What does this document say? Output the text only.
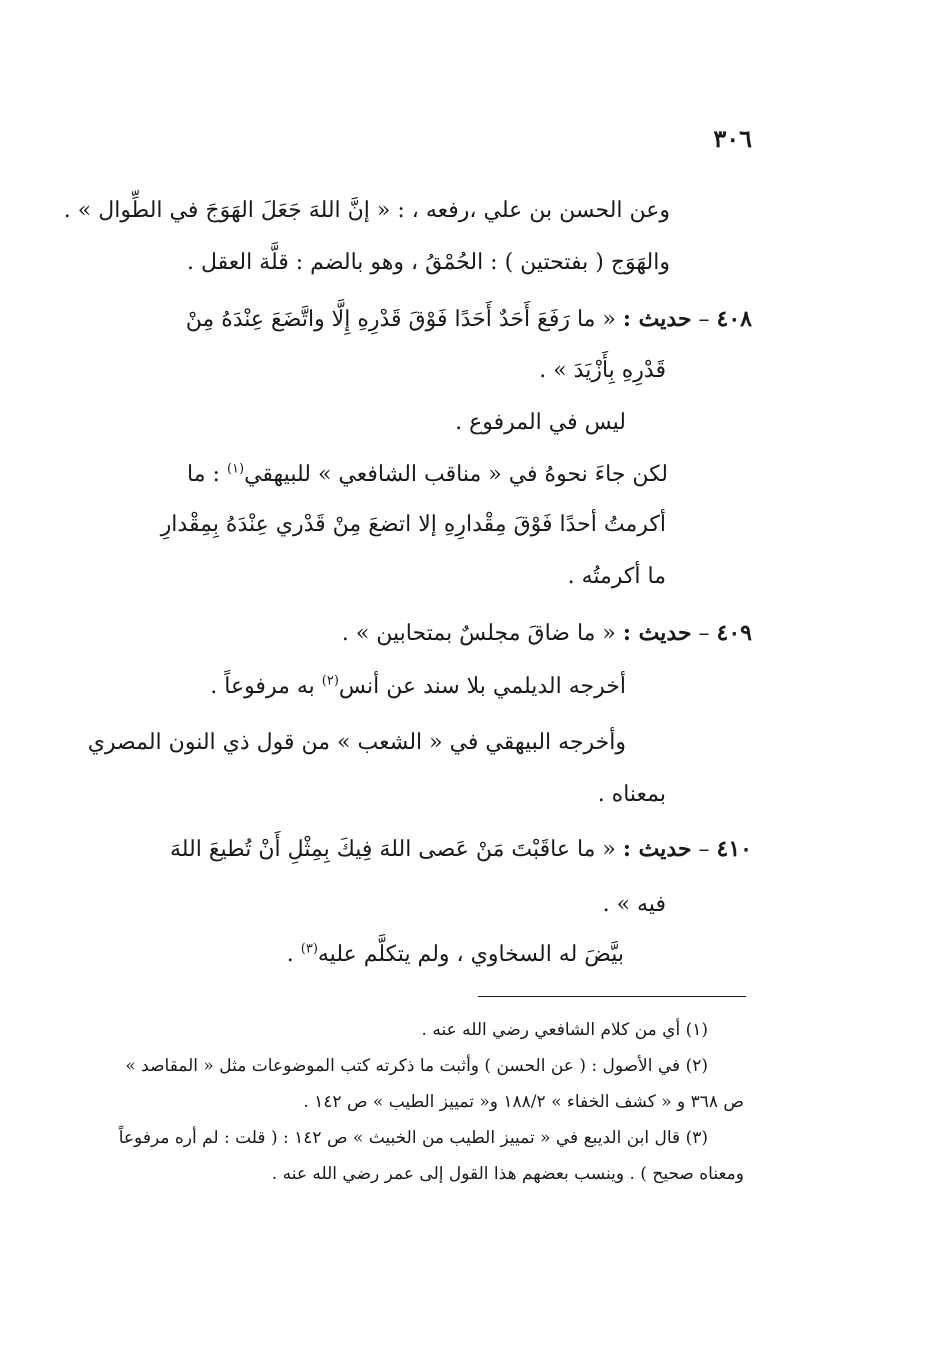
٣٠٦
وعن الحسن بن علي ،رفعه ، : « إنَّ اللهَ جَعَلَ الهَوَجَ في الطِّوال » .
والهَوَج ( بفتحتين ) : الحُمْقُ ، وهو بالضم : قلَّة العقل .
٤٠٨ – حديث : « ما رَفَعَ أَحَدٌ أَحَدًا فَوْقَ قَدْرِهِ إِلَّا واتَّضَعَ عِنْدَهُ مِنْ
قَدْرِهِ بِأَزْيَدَ » .
ليس في المرفوع .
لكن جاءَ نحوهُ في « مناقب الشافعي » للبيهقي$^{(١)}$ : ما
أكرمتُ أحدًا فَوْقَ مِقْدارِهِ إلا اتضعَ مِنْ قَدْري عِنْدَهُ بِمِقْدارِ
ما أكرمتُه .
٤٠٩ – حديث : « ما ضاقَ مجلسٌ بمتحابين » .
أخرجه الديلمي بلا سند عن أنس$^{(٢)}$ به مرفوعاً .
وأخرجه البيهقي في « الشعب » من قول ذي النون المصري
بمعناه .
٤١٠ – حديث : « ما عاقَبْتَ مَنْ عَصى اللهَ فِيكَ بِمِثْلِ أَنْ تُطيعَ اللهَ
فيه » .
بيَّضَ له السخاوي ، ولم يتكلَّم عليه$^{(٣)}$ .
(١) أي من كلام الشافعي رضي الله عنه .
(٢) في الأصول : ( عن الحسن ) وأثبت ما ذكرته كتب الموضوعات مثل « المقاصد »
ص ٣٦٨ و « كشف الخفاء » ١٨٨/٢ و« تمييز الطيب » ص ١٤٢ .
(٣) قال ابن الديبع في « تمييز الطيب من الخبيث » ص ١٤٢ : ( قلت : لم أره مرفوعاً
ومعناه صحيح ) . وينسب بعضهم هذا القول إلى عمر رضي الله عنه .
